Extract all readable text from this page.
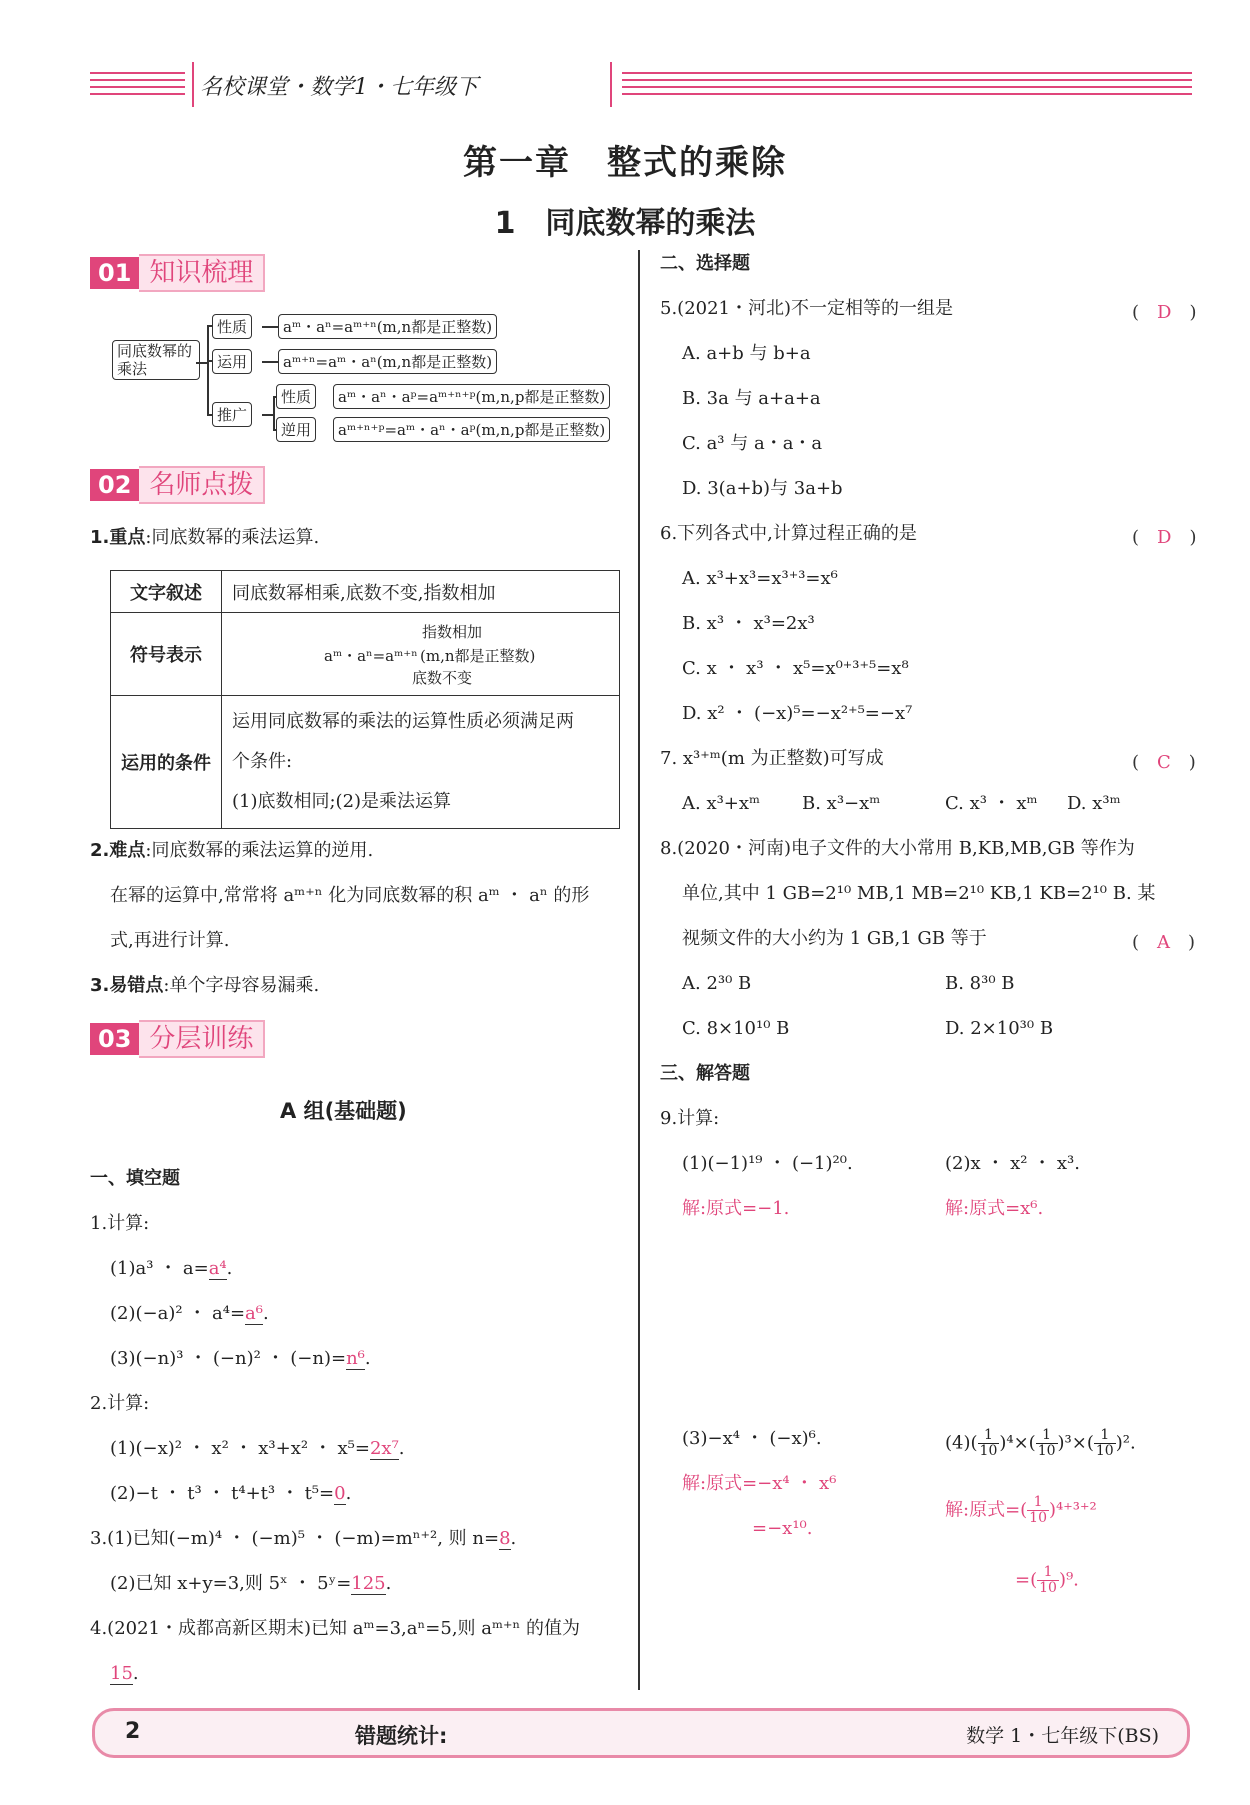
名校课堂・数学1・七年级下
第一章　整式的乘除
1　同底数幂的乘法
01 知识梳理
同底数幂的乘法
性质
运用
推广
aᵐ・aⁿ=aᵐ⁺ⁿ(m,n都是正整数)
aᵐ⁺ⁿ=aᵐ・aⁿ(m,n都是正整数)
性质
逆用
aᵐ・aⁿ・aᵖ=aᵐ⁺ⁿ⁺ᵖ(m,n,p都是正整数)
aᵐ⁺ⁿ⁺ᵖ=aᵐ・aⁿ・aᵖ(m,n,p都是正整数)
02 名师点拨
1.重点:同底数幂的乘法运算.
文字叙述	同底数幂相乘,底数不变,指数相加
符号表示	指数相加
aᵐ・aⁿ=aᵐ⁺ⁿ (m,n都是正整数)
底数不变

运用的条件	运用同底数幂的乘法的运算性质必须满足两
个条件:
(1)底数相同;(2)是乘法运算
2.难点:同底数幂的乘法运算的逆用.
在幂的运算中,常常将 aᵐ⁺ⁿ 化为同底数幂的积 aᵐ ・ aⁿ 的形
式,再进行计算.
3.易错点:单个字母容易漏乘.
03 分层训练
A 组(基础题)
一、填空题
1.计算:
(1)a³ ・ a=a⁴.
(2)(−a)² ・ a⁴=a⁶.
(3)(−n)³ ・ (−n)² ・ (−n)=n⁶.
2.计算:
(1)(−x)² ・ x² ・ x³+x² ・ x⁵=2x⁷.
(2)−t ・ t³ ・ t⁴+t³ ・ t⁵=0.
3.(1)已知(−m)⁴ ・ (−m)⁵ ・ (−m)=mⁿ⁺², 则 n=8.
(2)已知 x+y=3,则 5ˣ ・ 5ʸ=125.
4.(2021・成都高新区期末)已知 aᵐ=3,aⁿ=5,则 aᵐ⁺ⁿ 的值为
15.
二、选择题
5.(2021・河北)不一定相等的一组是	(　D　)
A. a+b 与 b+a
B. 3a 与 a+a+a
C. a³ 与 a・a・a
D. 3(a+b)与 3a+b
6.下列各式中,计算过程正确的是	(　D　)
A. x³+x³=x³⁺³=x⁶
B. x³ ・ x³=2x³
C. x ・ x³ ・ x⁵=x⁰⁺³⁺⁵=x⁸
D. x² ・ (−x)⁵=−x²⁺⁵=−x⁷
7. x³⁺ᵐ(m 为正整数)可写成	(　C　)
A. x³+xᵐ B. x³−xᵐ	C. x³ ・ xᵐ D. x³ᵐ
8.(2020・河南)电子文件的大小常用 B,KB,MB,GB 等作为
单位,其中 1 GB=2¹⁰ MB,1 MB=2¹⁰ KB,1 KB=2¹⁰ B. 某
视频文件的大小约为 1 GB,1 GB 等于	(　A　)
A. 2³⁰ B	B. 8³⁰ B
C. 8×10¹⁰ B	D. 2×10³⁰ B
三、解答题
9.计算:
(1)(−1)¹⁹ ・ (−1)²⁰.	(2)x ・ x² ・ x³.
解:原式=−1.	解:原式=x⁶.
(3)−x⁴ ・ (−x)⁶.
解:原式=−x⁴ ・ x⁶
=−x¹⁰.
$(4)( \frac{1}{10} )^4\times( \frac{1}{10} )^3\times( \frac{1}{10} )^2$.
解:原式=( $\frac{1}{10} )^{4+3+2}$
=( $\frac{1}{10} )^9$.
2	错题统计:	数学 1・七年级下(BS)
